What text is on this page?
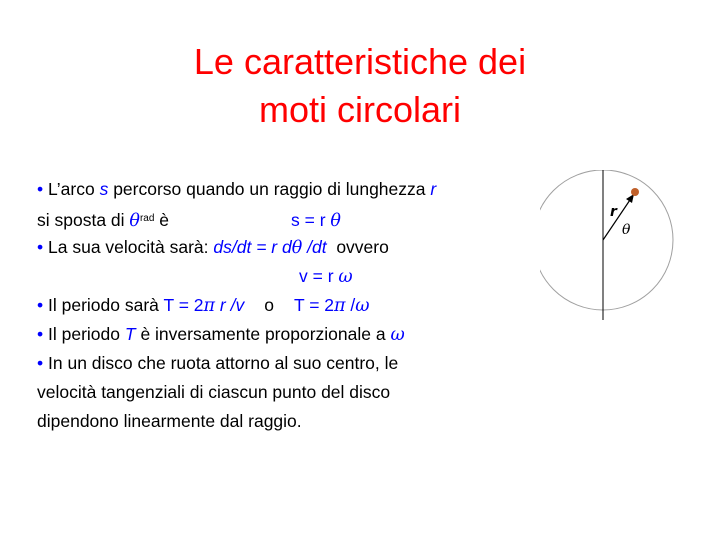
Le caratteristiche dei
moti circolari
• L’arco s percorso quando un raggio di lunghezza r
si sposta di $\theta^{rad}$ è	s = r θ
• La sua velocità sarà: ds/dt = r dθ /dt  ovvero
v = r ω
• Il periodo sarà T = 2π r /v o T = 2π /ω
• Il periodo T è inversamente proporzionale a ω
• In un disco che ruota attorno al suo centro, le
velocità tangenziali di ciascun punto del disco
dipendono linearmente dal raggio.
r
θ
